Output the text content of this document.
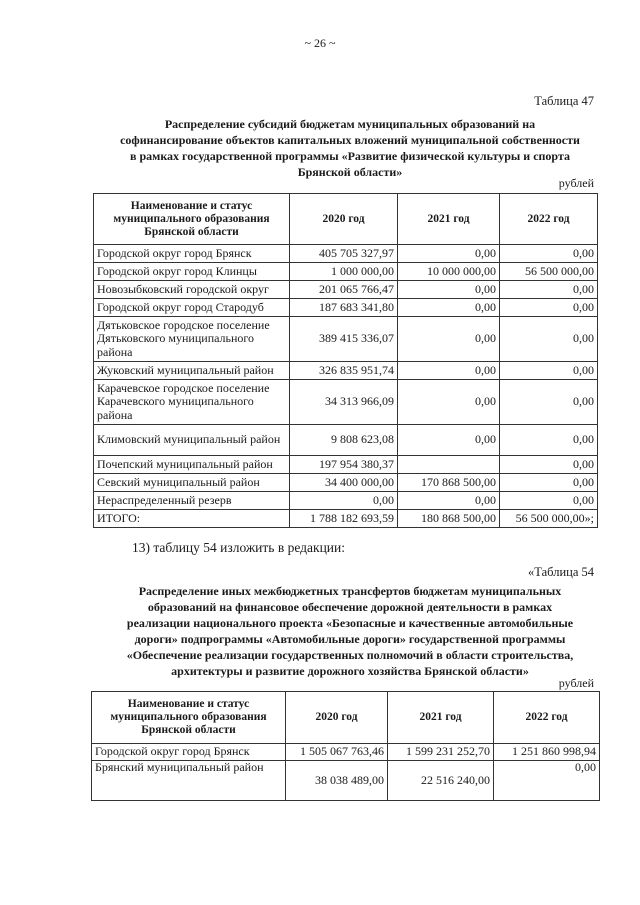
~ 26 ~
Таблица 47
Распределение субсидий бюджетам муниципальных образований на
софинансирование объектов капитальных вложений муниципальной собственности
в рамках государственной программы «Развитие физической культуры и спорта
Брянской области»
рублей
Наименование и статус муниципального образования Брянской области	2020 год	2021 год	2022 год
Городской округ город Брянск	405 705 327,97	0,00	0,00
Городской округ город Клинцы	1 000 000,00	10 000 000,00	56 500 000,00
Новозыбковский городской округ	201 065 766,47	0,00	0,00
Городской округ город Стародуб	187 683 341,80	0,00	0,00
Дятьковское городское поселение Дятьковского муниципального района	389 415 336,07	0,00	0,00
Жуковский муниципальный район	326 835 951,74	0,00	0,00
Карачевское городское поселение Карачевского муниципального района	34 313 966,09	0,00	0,00
Климовский муниципальный район	9 808 623,08	0,00	0,00
Почепский муниципальный район	197 954 380,37		0,00
Севский муниципальный район	34 400 000,00	170 868 500,00	0,00
Нераспределенный резерв	0,00	0,00	0,00
ИТОГО:	1 788 182 693,59	180 868 500,00	56 500 000,00»;
13) таблицу 54 изложить в редакции:
«Таблица 54
Распределение иных межбюджетных трансфертов бюджетам муниципальных
образований на финансовое обеспечение дорожной деятельности в рамках
реализации национального проекта «Безопасные и качественные автомобильные
дороги» подпрограммы «Автомобильные дороги» государственной программы
«Обеспечение реализации государственных полномочий в области строительства,
архитектуры и развитие дорожного хозяйства Брянской области»
рублей
Наименование и статус муниципального образования Брянской области	2020 год	2021 год	2022 год
Городской округ город Брянск	1 505 067 763,46	1 599 231 252,70	1 251 860 998,94
Брянский муниципальный район	38 038 489,00	22 516 240,00	0,00
